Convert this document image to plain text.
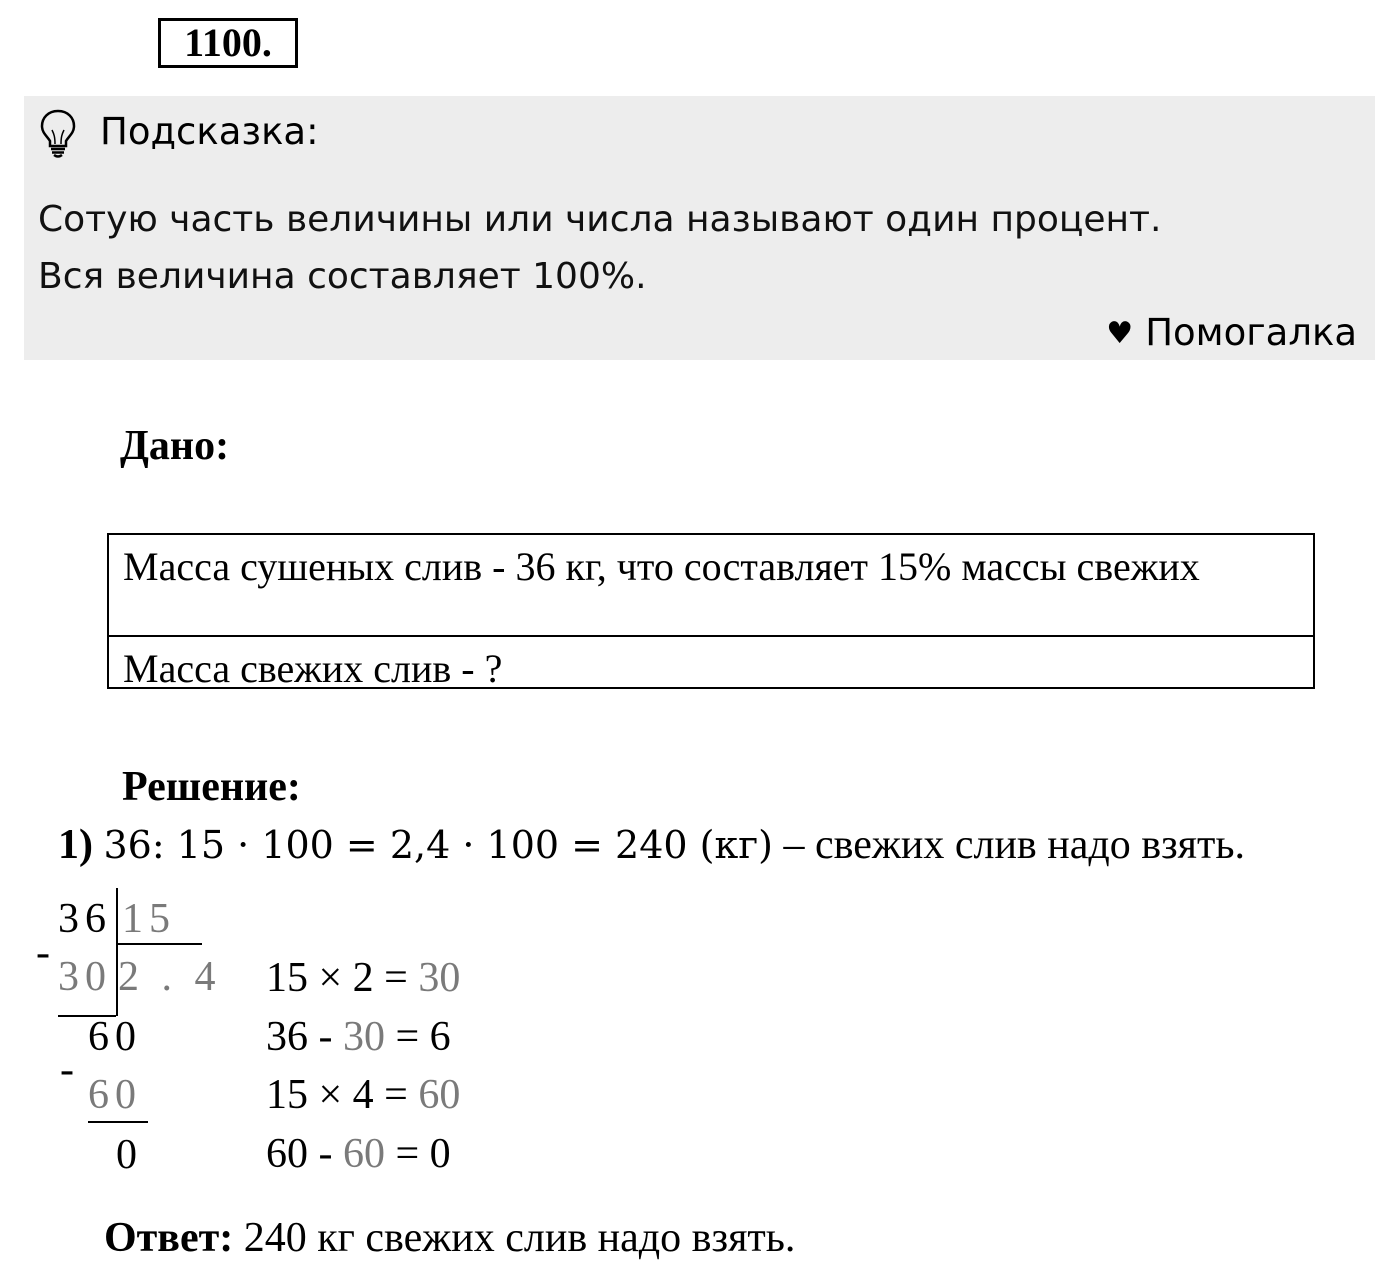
1100.
Подсказка:
Сотую часть величины или числа называют один процент.
Вся величина составляет 100%.
♥ Помогалка
Дано:
Масса сушеных слив - 36 кг, что составляет 15% массы свежих
Масса свежих слив - ?
Решение:
1) 36: 15 · 100 = 2,4 · 100 = 240 (кг) – свежих слив надо взять.
36 15
-
30 2 . 4
60
-
60
0
15 × 2 = 30
36 - 30 = 6
15 × 4 = 60
60 - 60 = 0
Ответ: 240 кг свежих слив надо взять.
